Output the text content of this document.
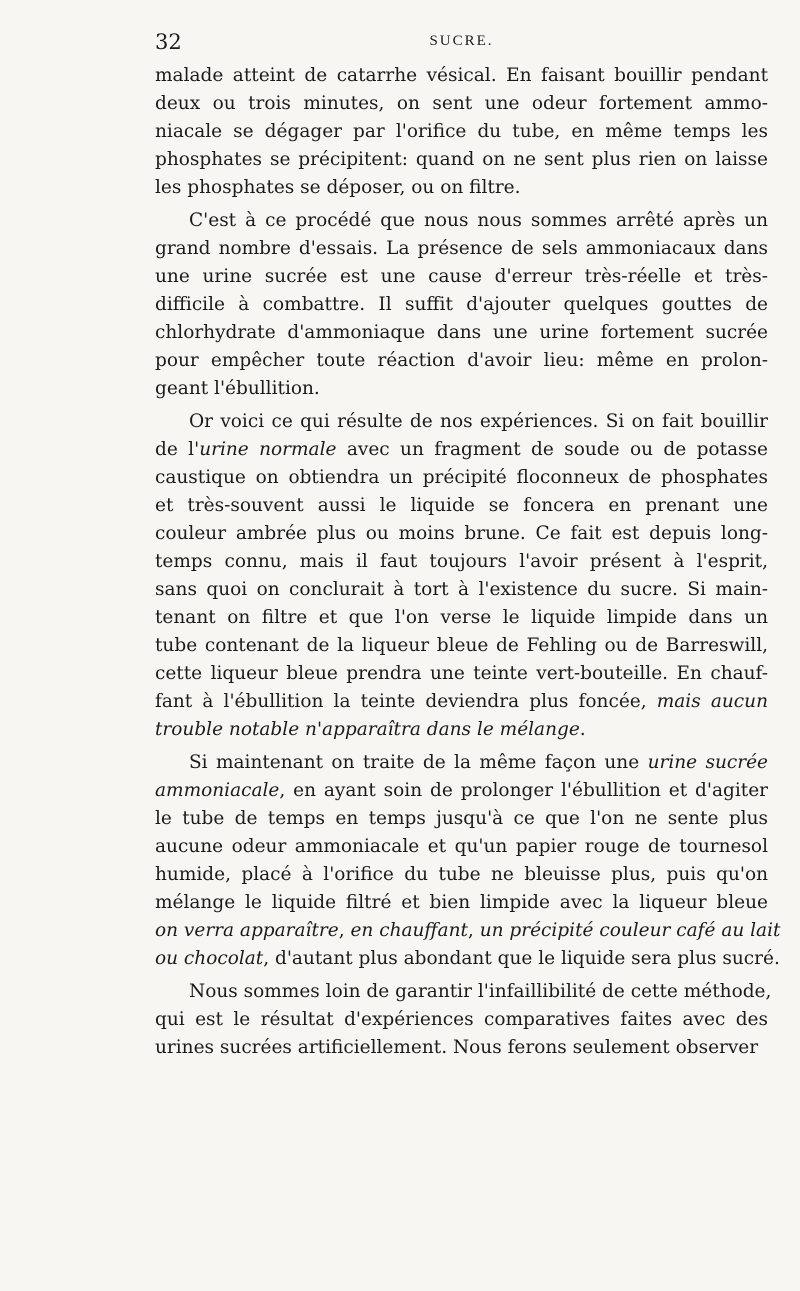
32	SUCRE.
malade atteint de catarrhe vésical. En faisant bouillir pendant
deux ou trois minutes, on sent une odeur fortement ammo-
niacale se dégager par l'orifice du tube, en même temps les
phosphates se précipitent: quand on ne sent plus rien on laisse
les phosphates se déposer, ou on filtre.
C'est à ce procédé que nous nous sommes arrêté après un
grand nombre d'essais. La présence de sels ammoniacaux dans
une urine sucrée est une cause d'erreur très-réelle et très-
difficile à combattre. Il suffit d'ajouter quelques gouttes de
chlorhydrate d'ammoniaque dans une urine fortement sucrée
pour empêcher toute réaction d'avoir lieu: même en prolon-
geant l'ébullition.
Or voici ce qui résulte de nos expériences. Si on fait bouillir
de l'urine normale avec un fragment de soude ou de potasse
caustique on obtiendra un précipité floconneux de phosphates
et très-souvent aussi le liquide se foncera en prenant une
couleur ambrée plus ou moins brune. Ce fait est depuis long-
temps connu, mais il faut toujours l'avoir présent à l'esprit,
sans quoi on conclurait à tort à l'existence du sucre. Si main-
tenant on filtre et que l'on verse le liquide limpide dans un
tube contenant de la liqueur bleue de Fehling ou de Barreswill,
cette liqueur bleue prendra une teinte vert-bouteille. En chauf-
fant à l'ébullition la teinte deviendra plus foncée, mais aucun
trouble notable n'apparaîtra dans le mélange.
Si maintenant on traite de la même façon une urine sucrée
ammoniacale, en ayant soin de prolonger l'ébullition et d'agiter
le tube de temps en temps jusqu'à ce que l'on ne sente plus
aucune odeur ammoniacale et qu'un papier rouge de tournesol
humide, placé à l'orifice du tube ne bleuisse plus, puis qu'on
mélange le liquide filtré et bien limpide avec la liqueur bleue
on verra apparaître, en chauffant, un précipité couleur café au lait
ou chocolat, d'autant plus abondant que le liquide sera plus sucré.
Nous sommes loin de garantir l'infaillibilité de cette méthode,
qui est le résultat d'expériences comparatives faites avec des
urines sucrées artificiellement. Nous ferons seulement observer
